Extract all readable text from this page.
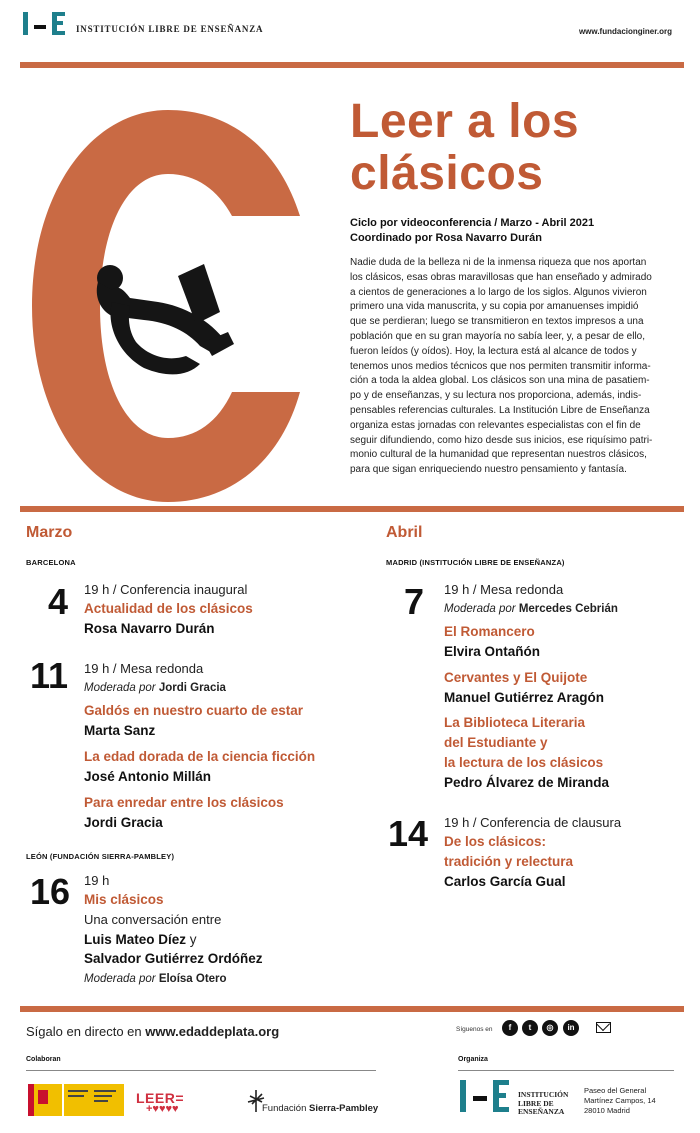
INSTITUCIÓN LIBRE DE ENSEÑANZA	www.fundacionginer.org
Leer a los
clásicos
Ciclo por videoconferencia / Marzo - Abril 2021
Coordinado por Rosa Navarro Durán
Nadie duda de la belleza ni de la inmensa riqueza que nos aportan
los clásicos, esas obras maravillosas que han enseñado y admirado
a cientos de generaciones a lo largo de los siglos. Algunos vivieron
primero una vida manuscrita, y su copia por amanuenses impidió
que se perdieran; luego se transmitieron en textos impresos a una
población que en su gran mayoría no sabía leer, y, a pesar de ello,
fueron leídos (y oídos). Hoy, la lectura está al alcance de todos y
tenemos unos medios técnicos que nos permiten transmitir informa-
ción a toda la aldea global. Los clásicos son una mina de pasatiem-
po y de enseñanzas, y su lectura nos proporciona, además, indis-
pensables referencias culturales. La Institución Libre de Enseñanza
organiza estas jornadas con relevantes especialistas con el fin de
seguir difundiendo, como hizo desde sus inicios, ese riquísimo patri-
monio cultural de la humanidad que representan nuestros clásicos,
para que sigan enriqueciendo nuestro pensamiento y fantasía.
Marzo
BARCELONA
4 19 h / Conferencia inaugural
Actualidad de los clásicos
Rosa Navarro Durán
11 19 h / Mesa redonda
Moderada por Jordi Gracia
Galdós en nuestro cuarto de estar
Marta Sanz
La edad dorada de la ciencia ficción
José Antonio Millán
Para enredar entre los clásicos
Jordi Gracia
LEÓN (FUNDACIÓN SIERRA-PAMBLEY)
16 19 h
Mis clásicos
Una conversación entre
Luis Mateo Díez y
Salvador Gutiérrez Ordóñez
Moderada por Eloísa Otero
Abril
MADRID (INSTITUCIÓN LIBRE DE ENSEÑANZA)
7 19 h / Mesa redonda
Moderada por Mercedes Cebrián
El Romancero
Elvira Ontañón
Cervantes y El Quijote
Manuel Gutiérrez Aragón
La Biblioteca Literaria
del Estudiante y
la lectura de los clásicos
Pedro Álvarez de Miranda
14 19 h / Conferencia de clausura
De los clásicos:
tradición y relectura
Carlos García Gual
Sígalo en directo en www.edaddeplata.org	Síguenos en	f	t	◎	in
Colaboran	Organiza
LEER=
+♥♥♥♥	Fundación Sierra-Pambley
INSTITUCIÓN
LIBRE DE
ENSEÑANZA
Paseo del General
Martínez Campos, 14
28010 Madrid
